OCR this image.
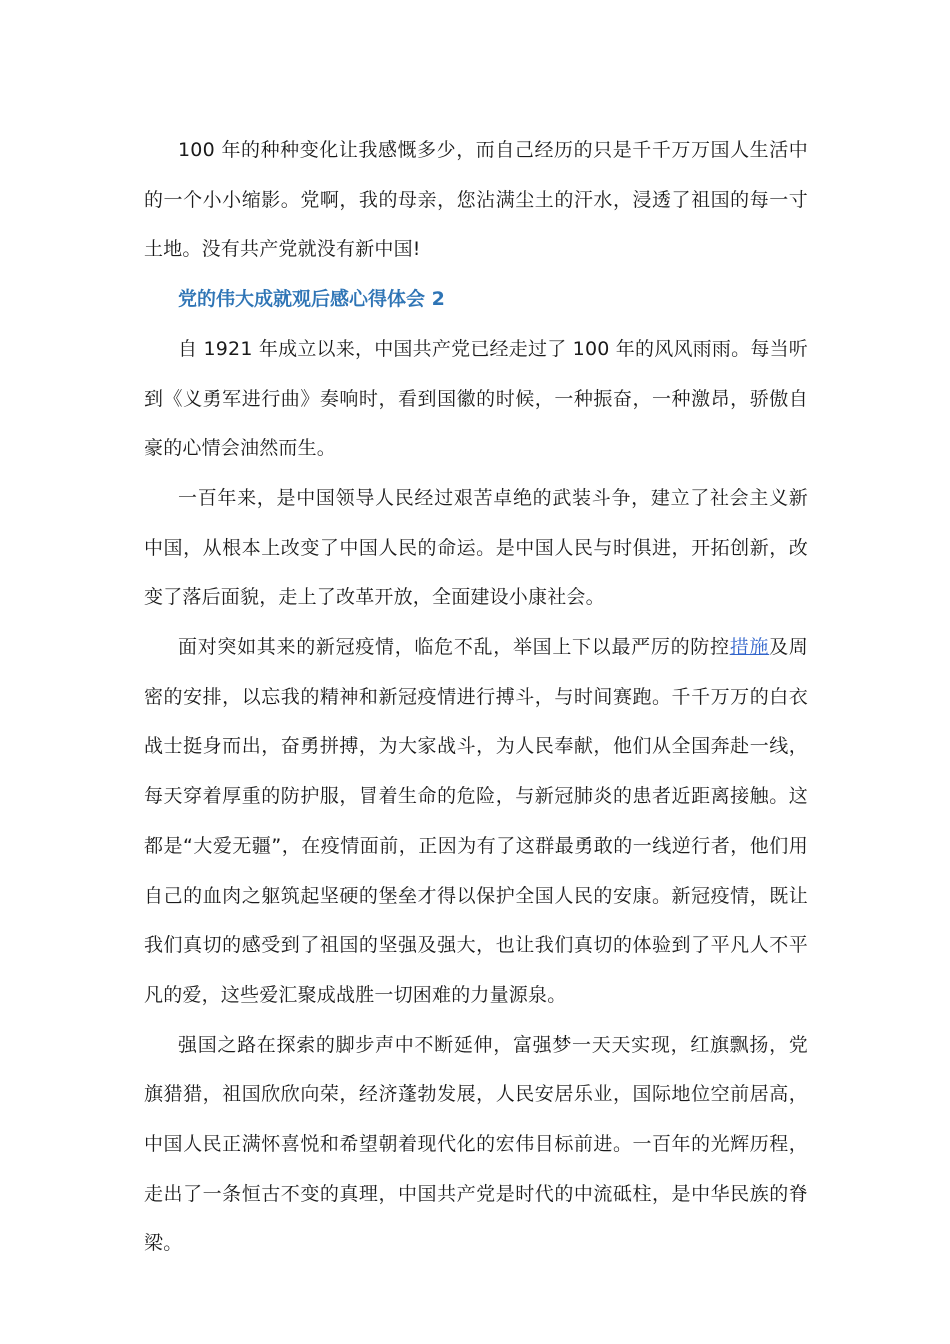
100 年的种种变化让我感慨多少，而自己经历的只是千千万万国人生活中的一个小小缩影。党啊，我的母亲，您沾满尘土的汗水，浸透了祖国的每一寸土地。没有共产党就没有新中国!

党的伟大成就观后感心得体会 2

自 1921 年成立以来，中国共产党已经走过了 100 年的风风雨雨。每当听到《义勇军进行曲》奏响时，看到国徽的时候，一种振奋，一种激昂，骄傲自豪的心情会油然而生。

一百年来，是中国领导人民经过艰苦卓绝的武装斗争，建立了社会主义新中国，从根本上改变了中国人民的命运。是中国人民与时俱进，开拓创新，改变了落后面貌，走上了改革开放，全面建设小康社会。

面对突如其来的新冠疫情，临危不乱，举国上下以最严厉的防控措施及周密的安排，以忘我的精神和新冠疫情进行搏斗，与时间赛跑。千千万万的白衣战士挺身而出，奋勇拼搏，为大家战斗，为人民奉献，他们从全国奔赴一线，每天穿着厚重的防护服，冒着生命的危险，与新冠肺炎的患者近距离接触。这都是“大爱无疆”，在疫情面前，正因为有了这群最勇敢的一线逆行者，他们用自己的血肉之躯筑起坚硬的堡垒才得以保护全国人民的安康。新冠疫情，既让我们真切的感受到了祖国的坚强及强大，也让我们真切的体验到了平凡人不平凡的爱，这些爱汇聚成战胜一切困难的力量源泉。

强国之路在探索的脚步声中不断延伸，富强梦一天天实现，红旗飘扬，党旗猎猎，祖国欣欣向荣，经济蓬勃发展，人民安居乐业，国际地位空前居高，中国人民正满怀喜悦和希望朝着现代化的宏伟目标前进。一百年的光辉历程，走出了一条恒古不变的真理，中国共产党是时代的中流砥柱，是中华民族的脊梁。
